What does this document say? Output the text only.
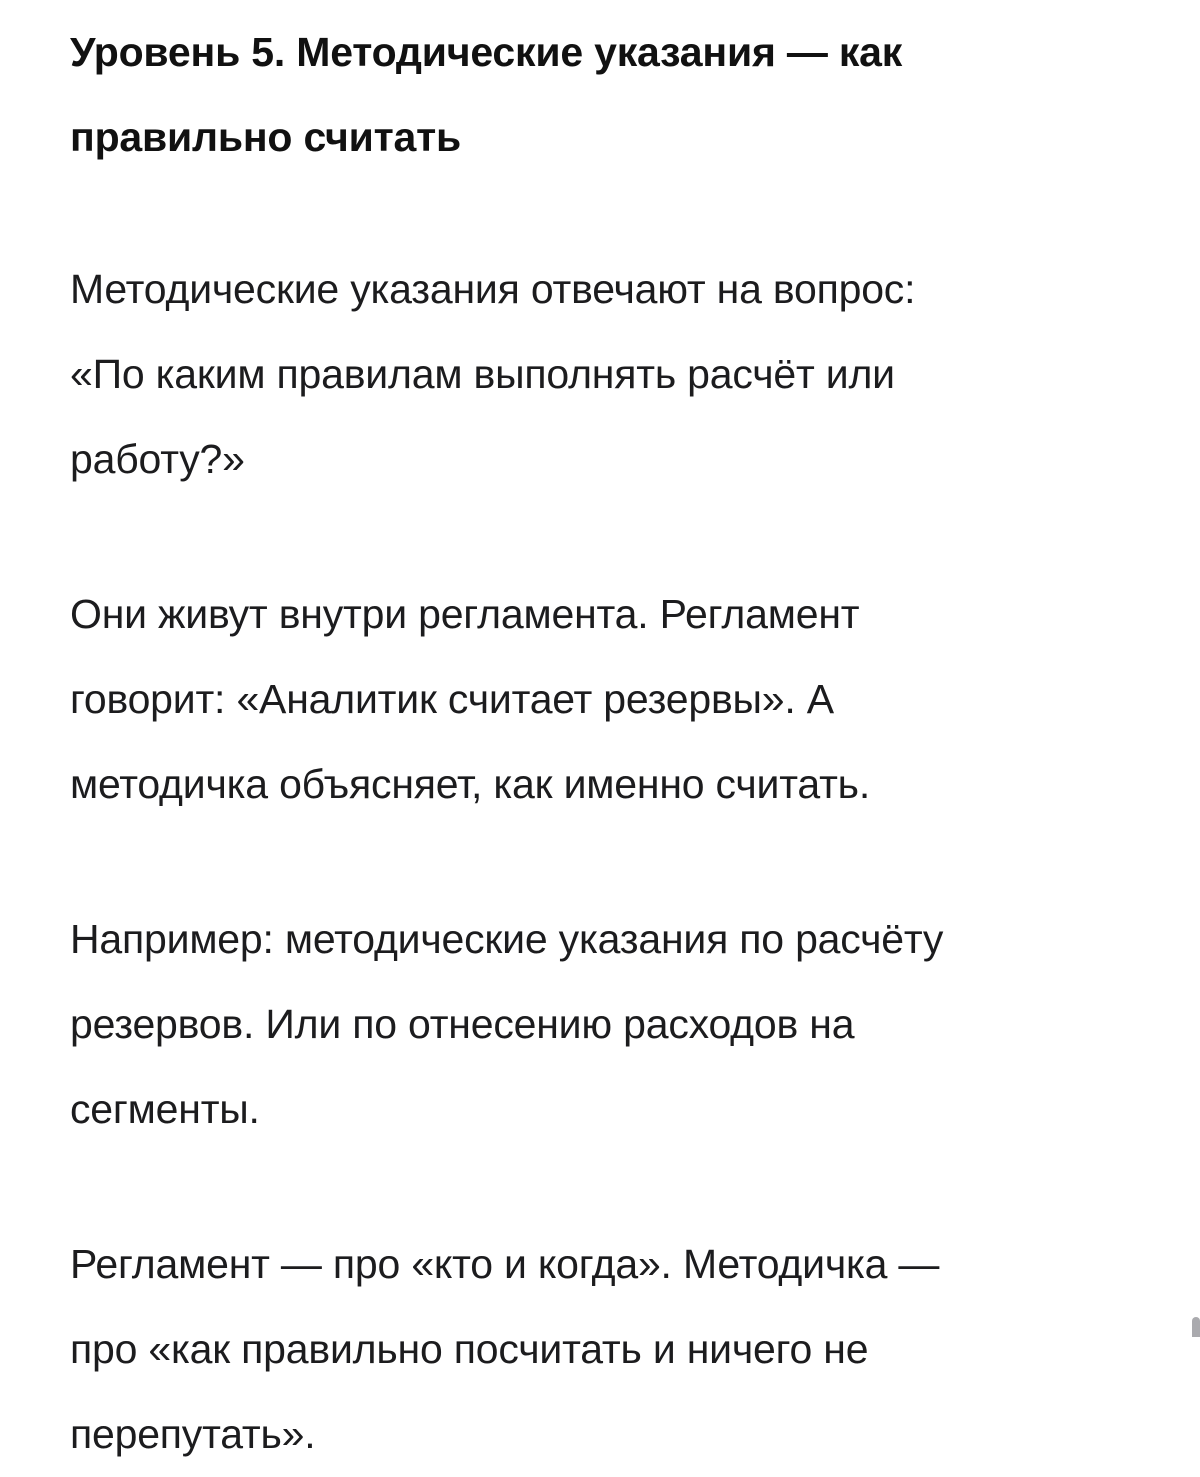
Уровень 5. Методические указания — как
правильно считать

Методические указания отвечают на вопрос:
«По каким правилам выполнять расчёт или
работу?»

Они живут внутри регламента. Регламент
говорит: «Аналитик считает резервы». А
методичка объясняет, как именно считать.

Например: методические указания по расчёту
резервов. Или по отнесению расходов на
сегменты.

Регламент — про «кто и когда». Методичка —
про «как правильно посчитать и ничего не
перепутать».
